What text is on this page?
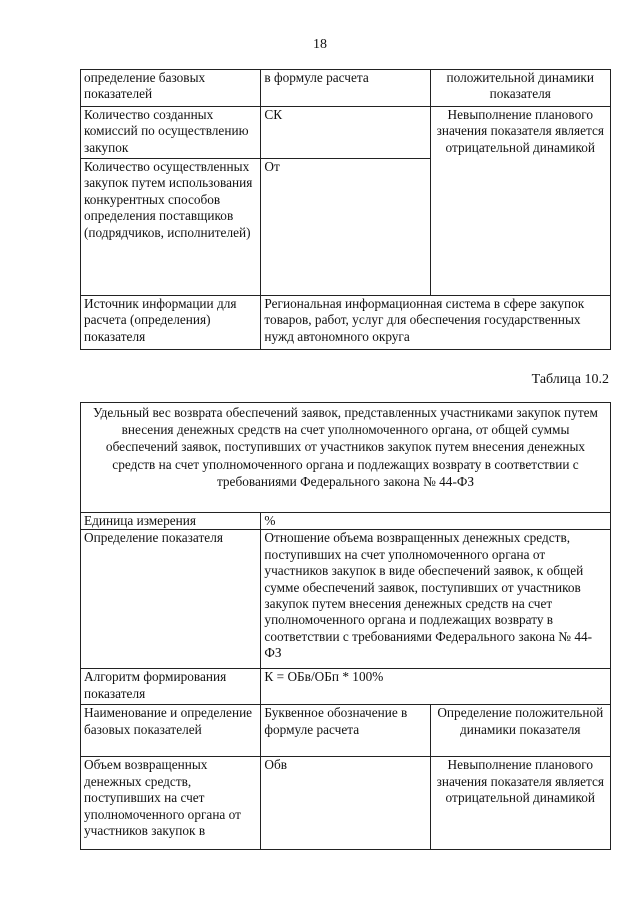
18
определение базовых показателей	в формуле расчета	положительной динамики показателя
Количество созданных комиссий по осуществлению закупок	СК	Невыполнение планового значения показателя является отрицательной динамикой
Количество осуществленных закупок путем использования конкурентных способов определения поставщиков (подрядчиков, исполнителей)	От	
Источник информации для расчета (определения) показателя	Региональная информационная система в сфере закупок товаров, работ, услуг для обеспечения государственных нужд автономного округа	
Таблица 10.2
Удельный вес возврата обеспечений заявок, представленных участниками закупок путем внесения денежных средств на счет уполномоченного органа, от общей суммы обеспечений заявок, поступивших от участников закупок путем внесения денежных средств на счет уполномоченного органа и подлежащих возврату в соответствии с требованиями Федерального закона № 44-ФЗ		
Единица измерения	%	
Определение показателя	Отношение объема возвращенных денежных средств, поступивших на счет уполномоченного органа от участников закупок в виде обеспечений заявок, к общей сумме обеспечений заявок, поступивших от участников закупок путем внесения денежных средств на счет уполномоченного органа и подлежащих возврату в соответствии с требованиями Федерального закона № 44-ФЗ	
Алгоритм формирования показателя	К = ОБв/ОБп * 100%	
Наименование и определение базовых показателей	Буквенное обозначение в формуле расчета	Определение положительной динамики показателя
Объем возвращенных денежных средств, поступивших на счет уполномоченного органа от участников закупок в	Обв	Невыполнение планового значения показателя является отрицательной динамикой
